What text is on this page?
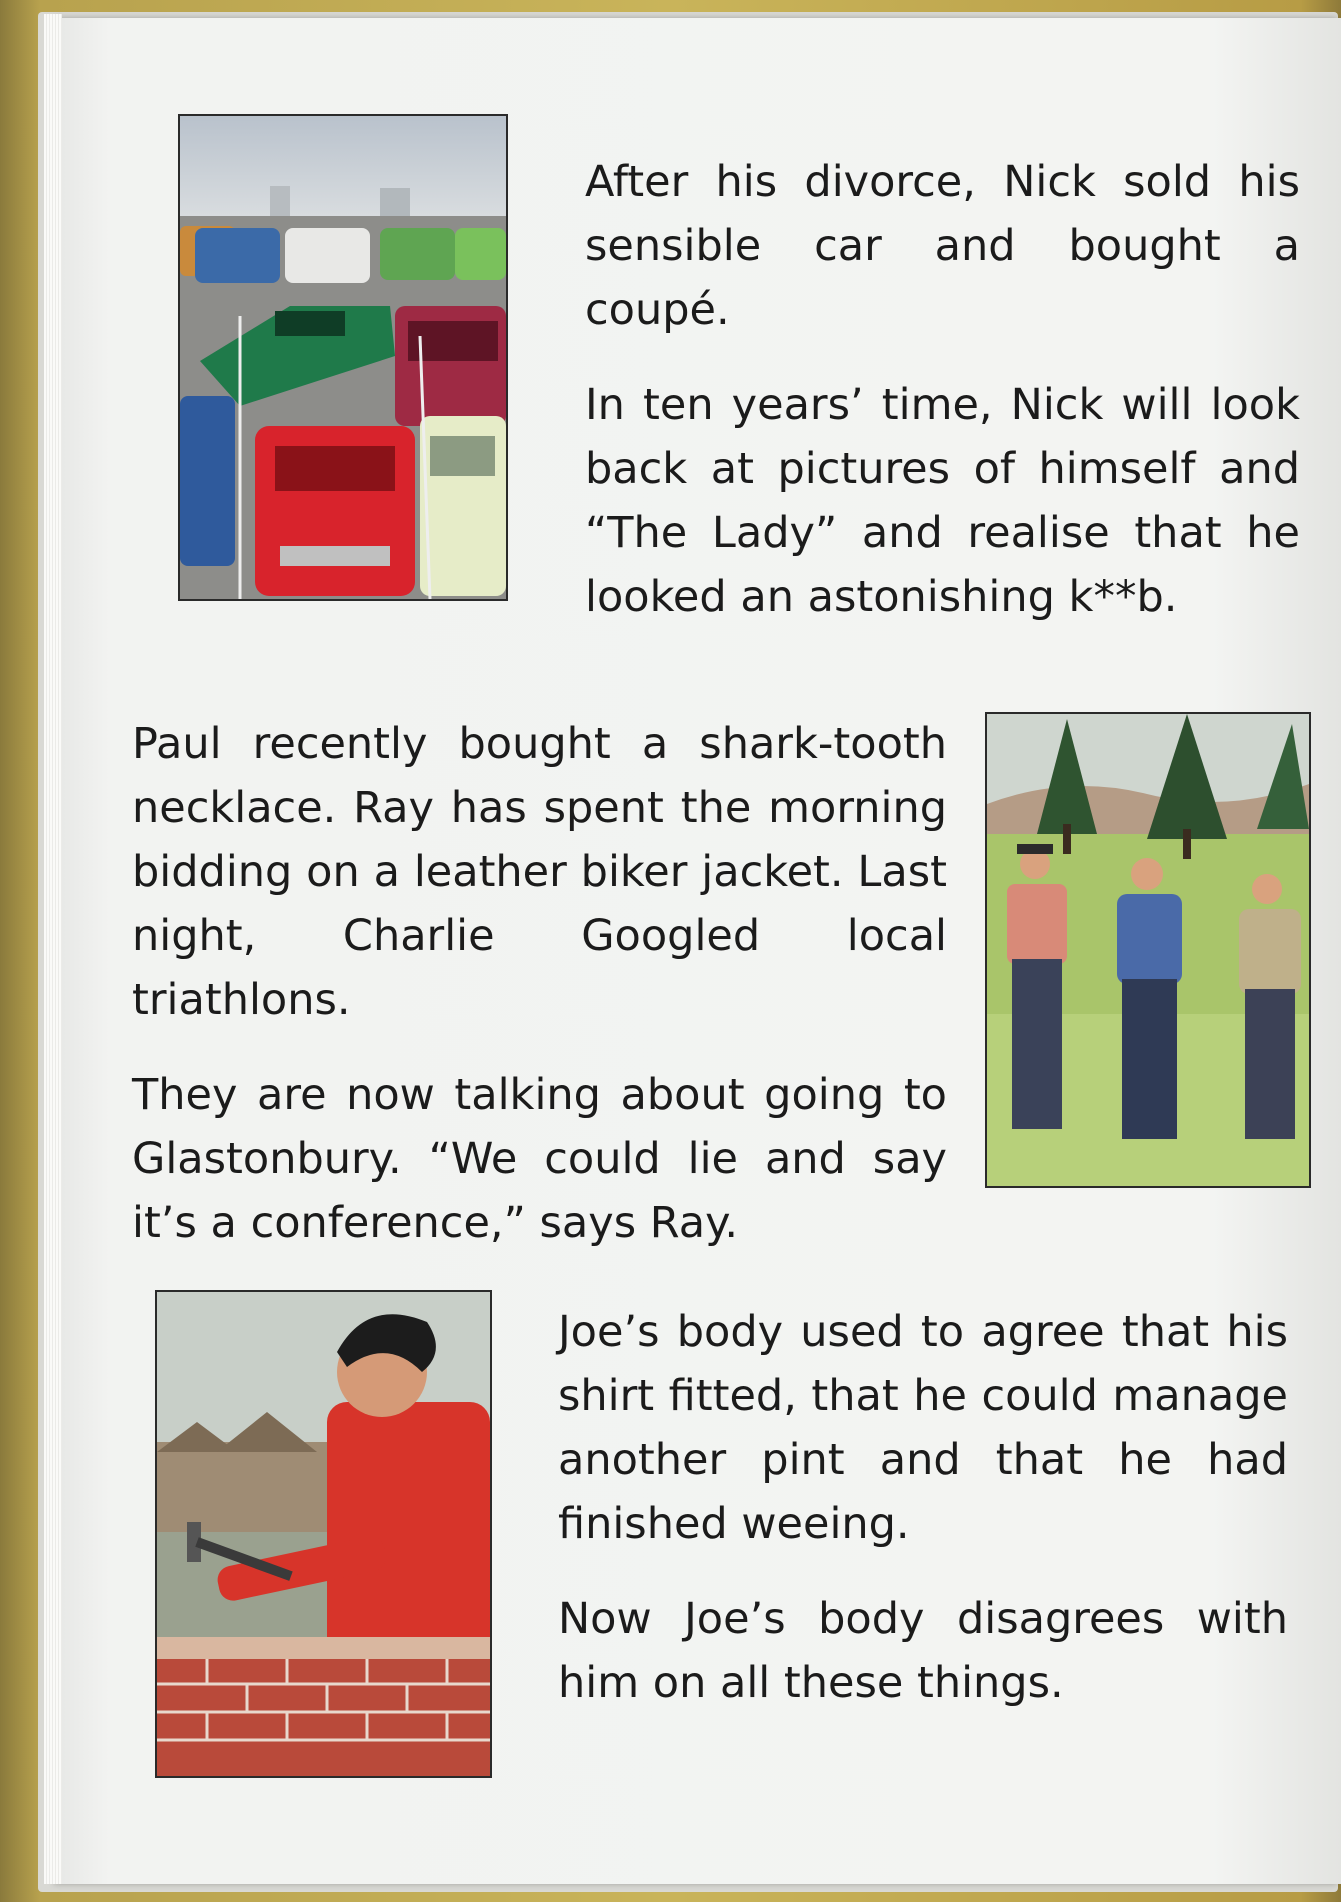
After his divorce, Nick sold his sensible car and bought a coupé.

In ten years’ time, Nick will look back at pictures of himself and “The Lady” and realise that he looked an astonishing k**b.

Paul recently bought a shark-tooth necklace. Ray has spent the morning bidding on a leather biker jacket. Last night, Charlie Googled local triathlons.

They are now talking about going to Glastonbury. “We could lie and say it’s a conference,” says Ray.

Joe’s body used to agree that his shirt fitted, that he could manage another pint and that he had finished weeing.

Now Joe’s body disagrees with him on all these things.
